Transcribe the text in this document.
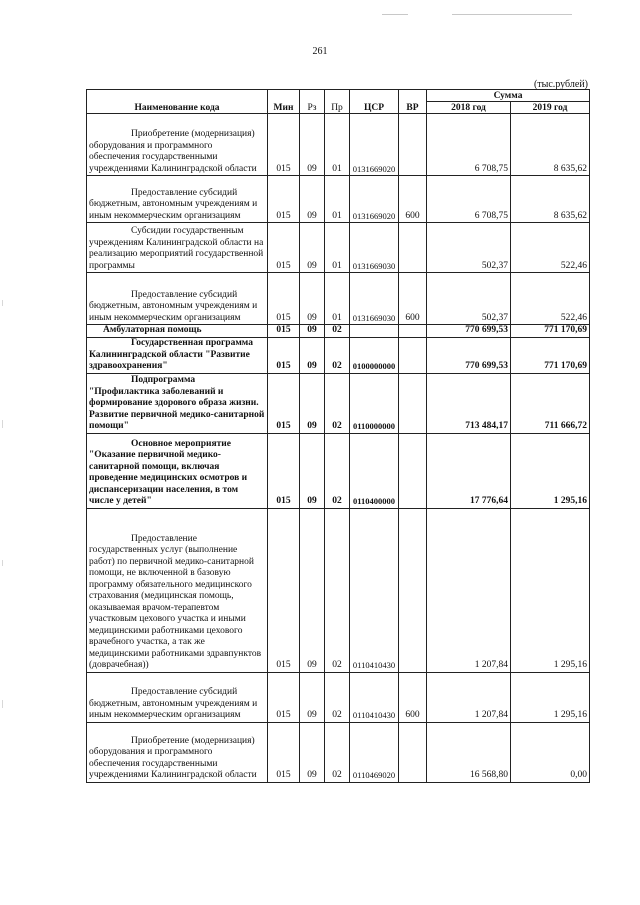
261
(тыс.рублей)
Наименование кода	Мин	Рз	Пр	ЦСР	ВР	Сумма	
						2018 год	2019 год

Приобретение (модернизация) оборудования и программного обеспечения государственными учреждениями Калининградской области	015	09	01	0131669020		6 708,75	8 635,62

Предоставление субсидий бюджетным, автономным учреждениям и иным некоммерческим организациям	015	09	01	0131669020	600	6 708,75	8 635,62

Субсидии государственным учреждениям Калининградской области на реализацию мероприятий государственной программы	015	09	01	0131669030		502,37	522,46

Предоставление субсидий бюджетным, автономным учреждениям и иным некоммерческим организациям	015	09	01	0131669030	600	502,37	522,46

Амбулаторная помощь	015	09	02			770 699,53	771 170,69

Государственная программа Калининградской области "Развитие здравоохранения"	015	09	02	0100000000		770 699,53	771 170,69

Подпрограмма "Профилактика заболеваний и формирование здорового образа жизни. Развитие первичной медико-санитарной помощи"	015	09	02	0110000000		713 484,17	711 666,72

Основное мероприятие "Оказание первичной медико-санитарной помощи, включая проведение медицинских осмотров и диспансеризации населения, в том числе у детей"	015	09	02	0110400000		17 776,64	1 295,16

Предоставление государственных услуг (выполнение работ) по первичной медико-санитарной помощи, не включенной в базовую программу обязательного медицинского страхования (медицинская помощь, оказываемая врачом-терапевтом участковым цехового участка и иными медицинскими работниками цехового врачебного участка, а так же медицинскими работниками здравпунктов (доврачебная))	015	09	02	0110410430		1 207,84	1 295,16

Предоставление субсидий бюджетным, автономным учреждениям и иным некоммерческим организациям	015	09	02	0110410430	600	1 207,84	1 295,16

Приобретение (модернизация) оборудования и программного обеспечения государственными учреждениями Калининградской области	015	09	02	0110469020		16 568,80	0,00
